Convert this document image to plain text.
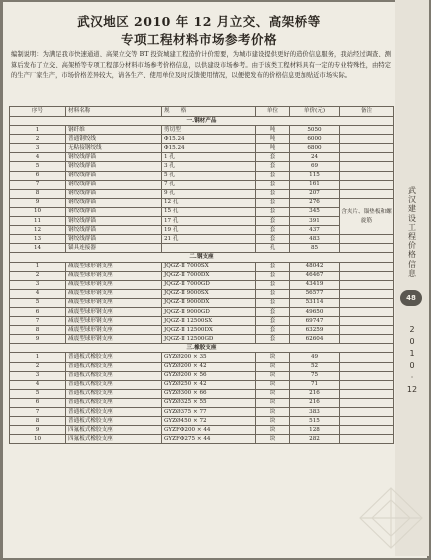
武汉地区 2010 年 12 月立交、高架桥等
专项工程材料市场参考价格
编制说明：为满足我市快速通道、高架立交等 BT 投资城建工程造价计价需要，为城市建设提供更好的造价信息服务，我站经过调查、测算后发布了立交、高架桥等专项工程部分材料市场参考价格信息，以供建设市场参考。由于该类工程材料具有一定的专业特殊性，由特定的生产厂家生产，市场价格差异较大，请各生产、使用单位及时反馈使用情况，以便使发布的价格信息更加贴近市场实际。
序号	材料名称	规　　格	单位	单价(元)	备注
一.钢材产品					
1	钢纤维	剪切型	吨	5050	
2	普通钢绞线	Φ15.24	吨	6000	
3	无粘接钢绞线	Φ15.24	吨	6800	
4	钢绞线群锚	1 孔	套	24	
5	钢绞线群锚	3 孔	套	69	
6	钢绞线群锚	5 孔	套	115	
7	钢绞线群锚	7 孔	套	161	
8	钢绞线群锚	9 孔	套	207	
9	钢绞线群锚	12 孔	套	276	含夹片、锚垫板和螺旋筋
10	钢绞线群锚	15 孔	套	345	
11	钢绞线群锚	17 孔	套	391	
12	钢绞线群锚	19 孔	套	437	
13	钢绞线群锚	21 孔	套	483	
14	锚具连接器		孔	85	
二.钢支座					
1	减震型球形钢支座	JQGZ-Ⅱ 7000SX	套	48042	
2	减震型球形钢支座	JQGZ-Ⅱ 7000DX	套	46467	
3	减震型球形钢支座	JQGZ-Ⅱ 7000GD	套	43419	
4	减震型球形钢支座	JQGZ-Ⅱ 9000SX	套	56577	
5	减震型球形钢支座	JQGZ-Ⅱ 9000DX	套	53114	
6	减震型球形钢支座	JQGZ-Ⅱ 9000GD	套	49650	
7	减震型球形钢支座	JQGZ-Ⅱ 12500SX	套	69747	
8	减震型球形钢支座	JQGZ-Ⅱ 12500DX	套	63259	
9	减震型球形钢支座	JQGZ-Ⅱ 12500GD	套	62604	
三.橡胶支座					
1	普通板式橡胶支座	GYZØ200 × 35	块	49	
2	普通板式橡胶支座	GYZØ200 × 42	块	52	
3	普通板式橡胶支座	GYZØ200 × 56	块	75	
4	普通板式橡胶支座	GYZØ250 × 42	块	71	
5	普通板式橡胶支座	GYZØ300 × 66	块	216	
6	普通板式橡胶支座	GYZØ325 × 55	块	216	
7	普通板式橡胶支座	GYZØ375 × 77	块	383	
8	普通板式橡胶支座	GYZØ450 × 72	块	515	
9	四氟板式橡胶支座	GYZFΦ200 × 44	块	128	
10	四氟板式橡胶支座	GYZFΦ275 × 44	块	282	
武汉建设工程价格信息
48
2
0
1
0
·
12
